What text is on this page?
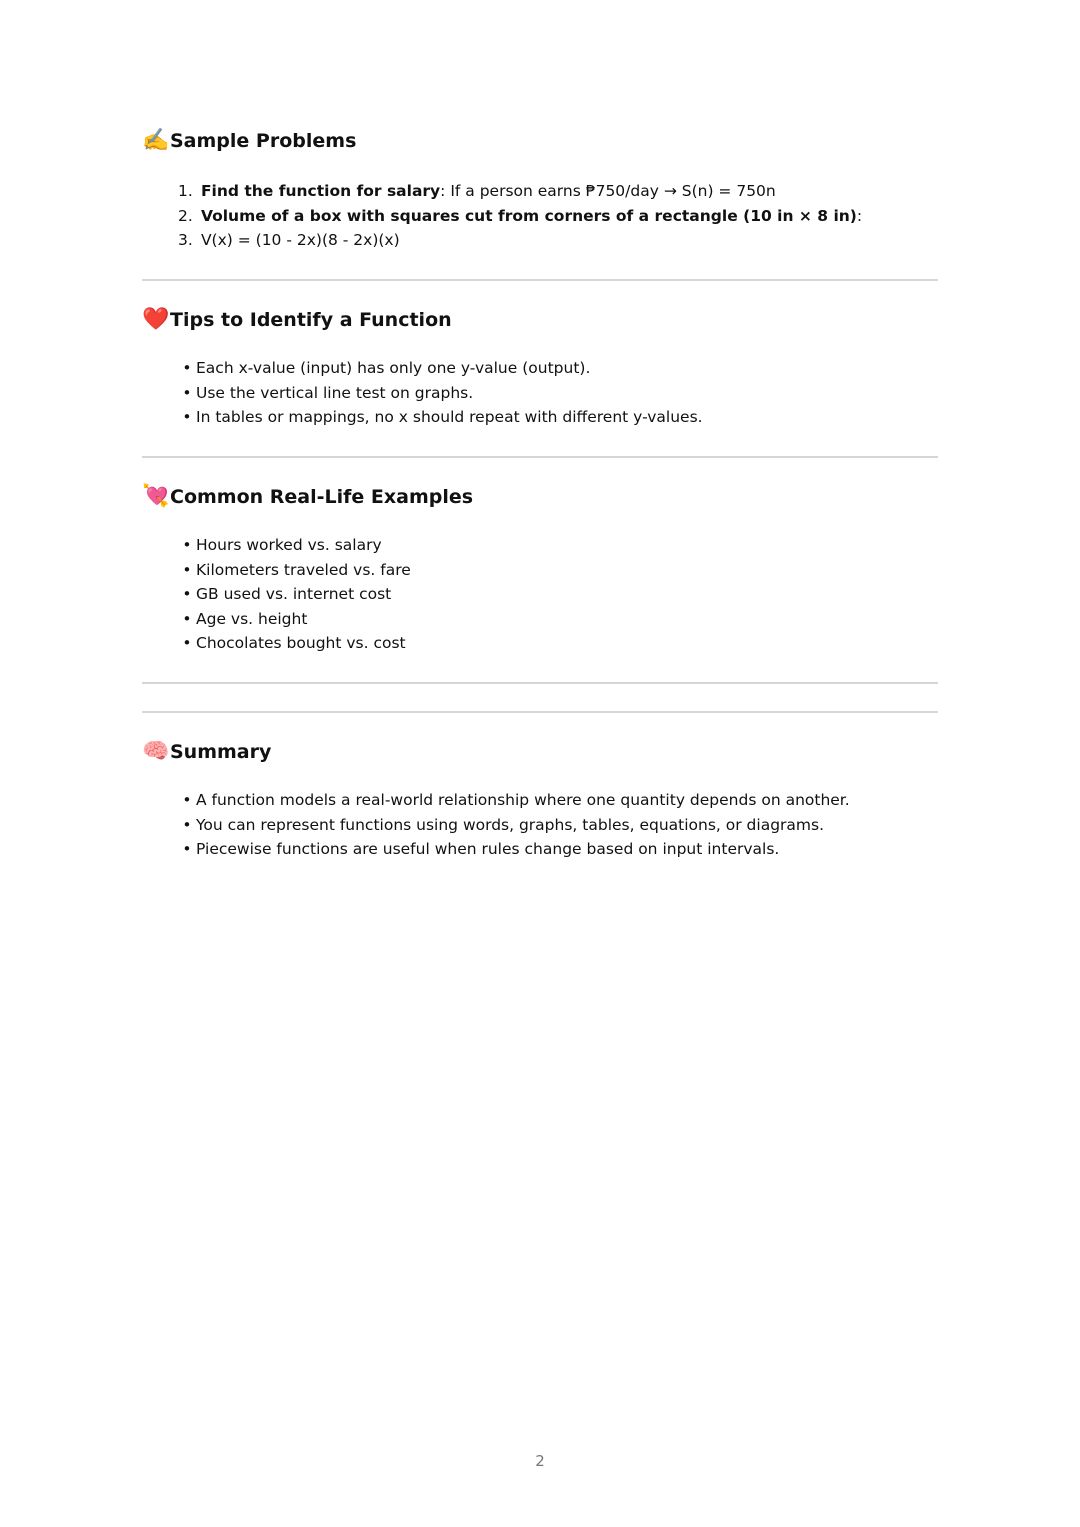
✍️ Sample Problems
1. Find the function for salary: If a person earns ₱750/day → S(n) = 750n
2. Volume of a box with squares cut from corners of a rectangle (10 in × 8 in):
3. V(x) = (10 - 2x)(8 - 2x)(x)
❤️ Tips to Identify a Function
• Each x-value (input) has only one y-value (output).
• Use the vertical line test on graphs.
• In tables or mappings, no x should repeat with different y-values.
💘 Common Real-Life Examples
• Hours worked vs. salary
• Kilometers traveled vs. fare
• GB used vs. internet cost
• Age vs. height
• Chocolates bought vs. cost
🧠 Summary
• A function models a real-world relationship where one quantity depends on another.
• You can represent functions using words, graphs, tables, equations, or diagrams.
• Piecewise functions are useful when rules change based on input intervals.
2
